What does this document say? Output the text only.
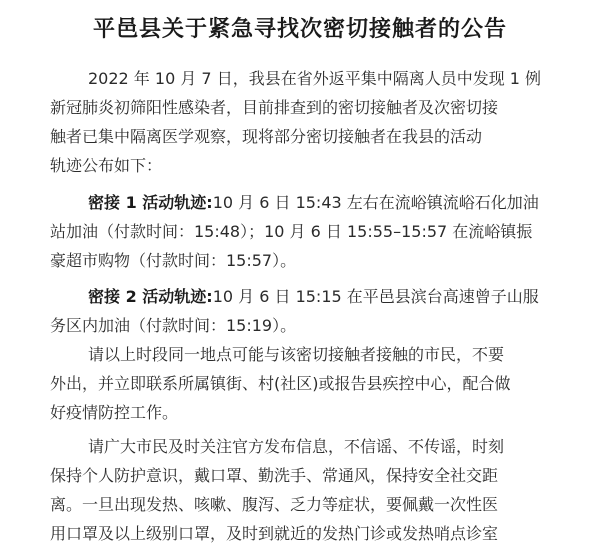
平邑县关于紧急寻找次密切接触者的公告
2022 年 10 月 7 日，我县在省外返平集中隔离人员中发现 1 例
新冠肺炎初筛阳性感染者，目前排查到的密切接触者及次密切接
触者已集中隔离医学观察，现将部分密切接触者在我县的活动
轨迹公布如下：
密接 1 活动轨迹:10 月 6 日 15:43 左右在流峪镇流峪石化加油
站加油（付款时间：15:48）；10 月 6 日 15:55–15:57 在流峪镇振
豪超市购物（付款时间：15:57）。
密接 2 活动轨迹:10 月 6 日 15:15 在平邑县滨台高速曾子山服
务区内加油（付款时间：15:19）。
请以上时段同一地点可能与该密切接触者接触的市民，不要
外出，并立即联系所属镇街、村(社区)或报告县疾控中心，配合做
好疫情防控工作。
请广大市民及时关注官方发布信息，不信谣、不传谣，时刻
保持个人防护意识，戴口罩、勤洗手、常通风，保持安全社交距
离。一旦出现发热、咳嗽、腹泻、乏力等症状，要佩戴一次性医
用口罩及以上级别口罩，及时到就近的发热门诊或发热哨点诊室
